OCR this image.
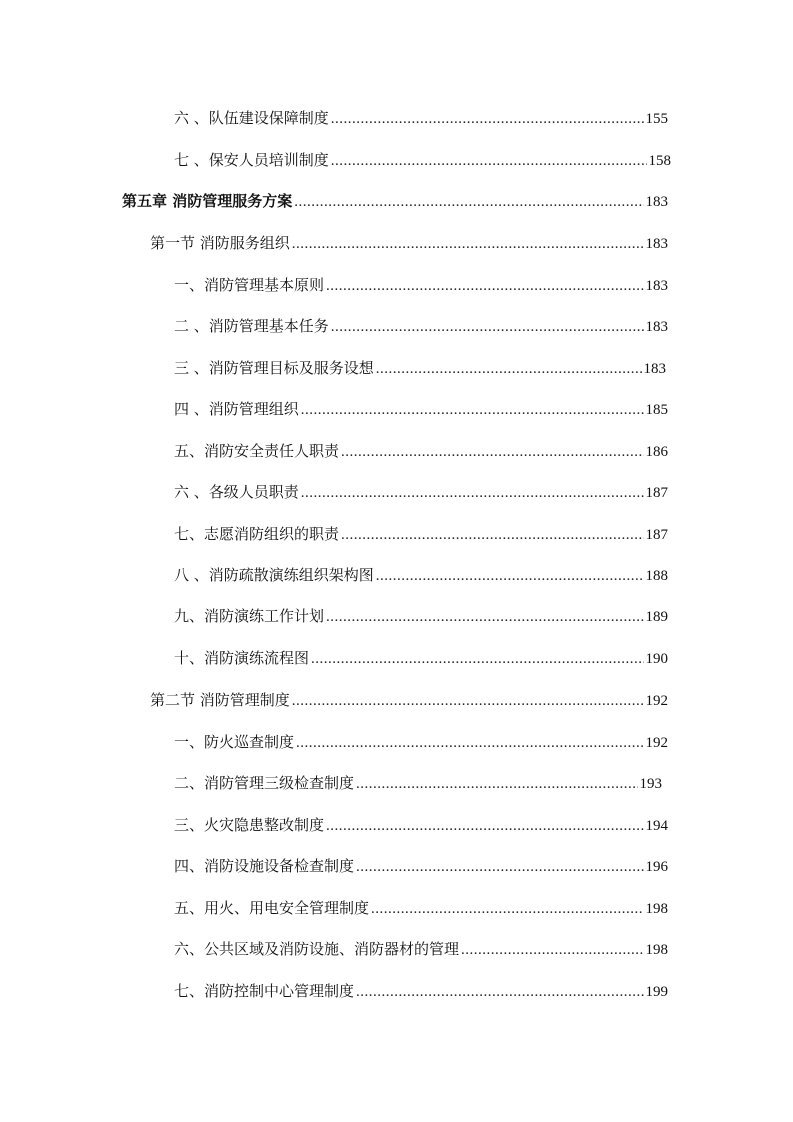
六 、队伍建设保障制度 .....	155
七 、保安人员培训制度 .....	158
第五章 消防管理服务方案 .....	183
第一节 消防服务组织 .....	183
一、消防管理基本原则 .....	183
二 、消防管理基本任务 .....	183
三 、消防管理目标及服务设想 .....	183
四 、消防管理组织 .....	185
五、消防安全责任人职责 .....	186
六 、各级人员职责 .....	187
七、志愿消防组织的职责 .....	187
八 、消防疏散演练组织架构图 .....	188
九、消防演练工作计划 .....	189
十、消防演练流程图 .....	190
第二节 消防管理制度 .....	192
一、防火巡查制度 .....	192
二、消防管理三级检查制度 .....	193
三、火灾隐患整改制度 .....	194
四、消防设施设备检查制度 .....	196
五、用火、用电安全管理制度 .....	198
六、公共区域及消防设施、消防器材的管理 .....	198
七、消防控制中心管理制度 .....	199
